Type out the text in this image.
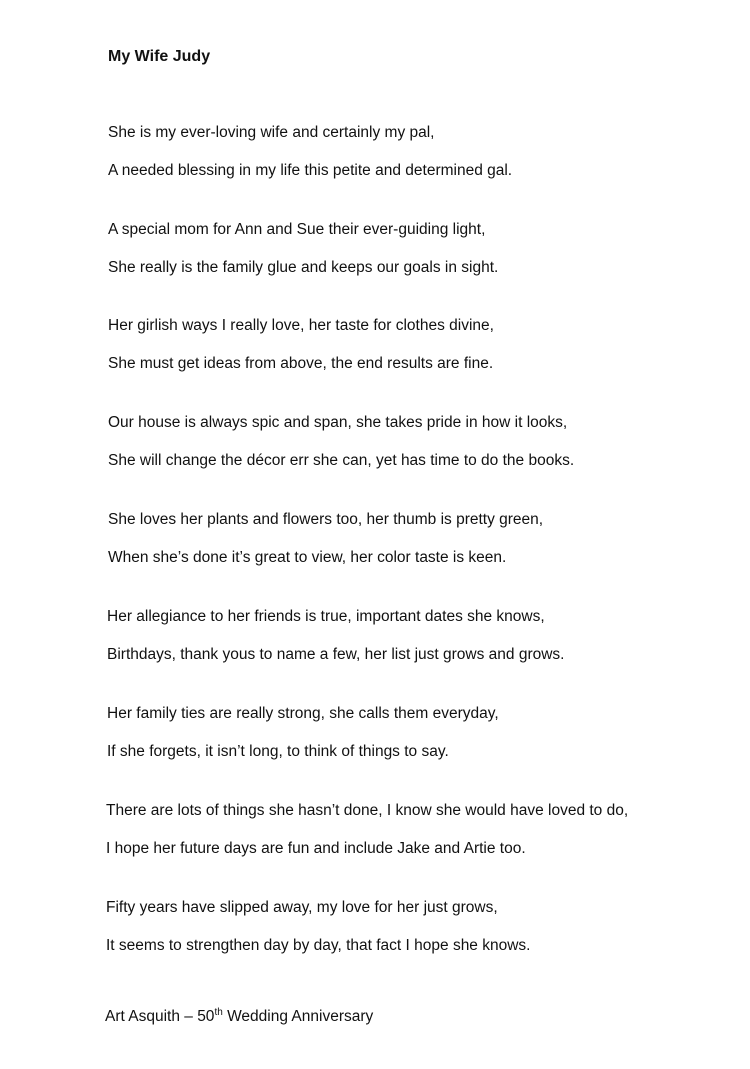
My Wife Judy
She is my ever-loving wife and certainly my pal,
A needed blessing in my life this petite and determined gal.
A special mom for Ann and Sue their ever-guiding light,
She really is the family glue and keeps our goals in sight.
Her girlish ways I really love, her taste for clothes divine,
She must get ideas from above, the end results are fine.
Our house is always spic and span, she takes pride in how it looks,
She will change the décor err she can, yet has time to do the books.
She loves her plants and flowers too, her thumb is pretty green,
When she’s done it’s great to view, her color taste is keen.
Her allegiance to her friends is true, important dates she knows,
Birthdays, thank yous to name a few, her list just grows and grows.
Her family ties are really strong, she calls them everyday,
If she forgets, it isn’t long, to think of things to say.
There are lots of things she hasn’t done, I know she would have loved to do,
I hope her future days are fun and include Jake and Artie too.
Fifty years have slipped away, my love for her just grows,
It seems to strengthen day by day, that fact I hope she knows.

Art Asquith – 50th Wedding Anniversary
